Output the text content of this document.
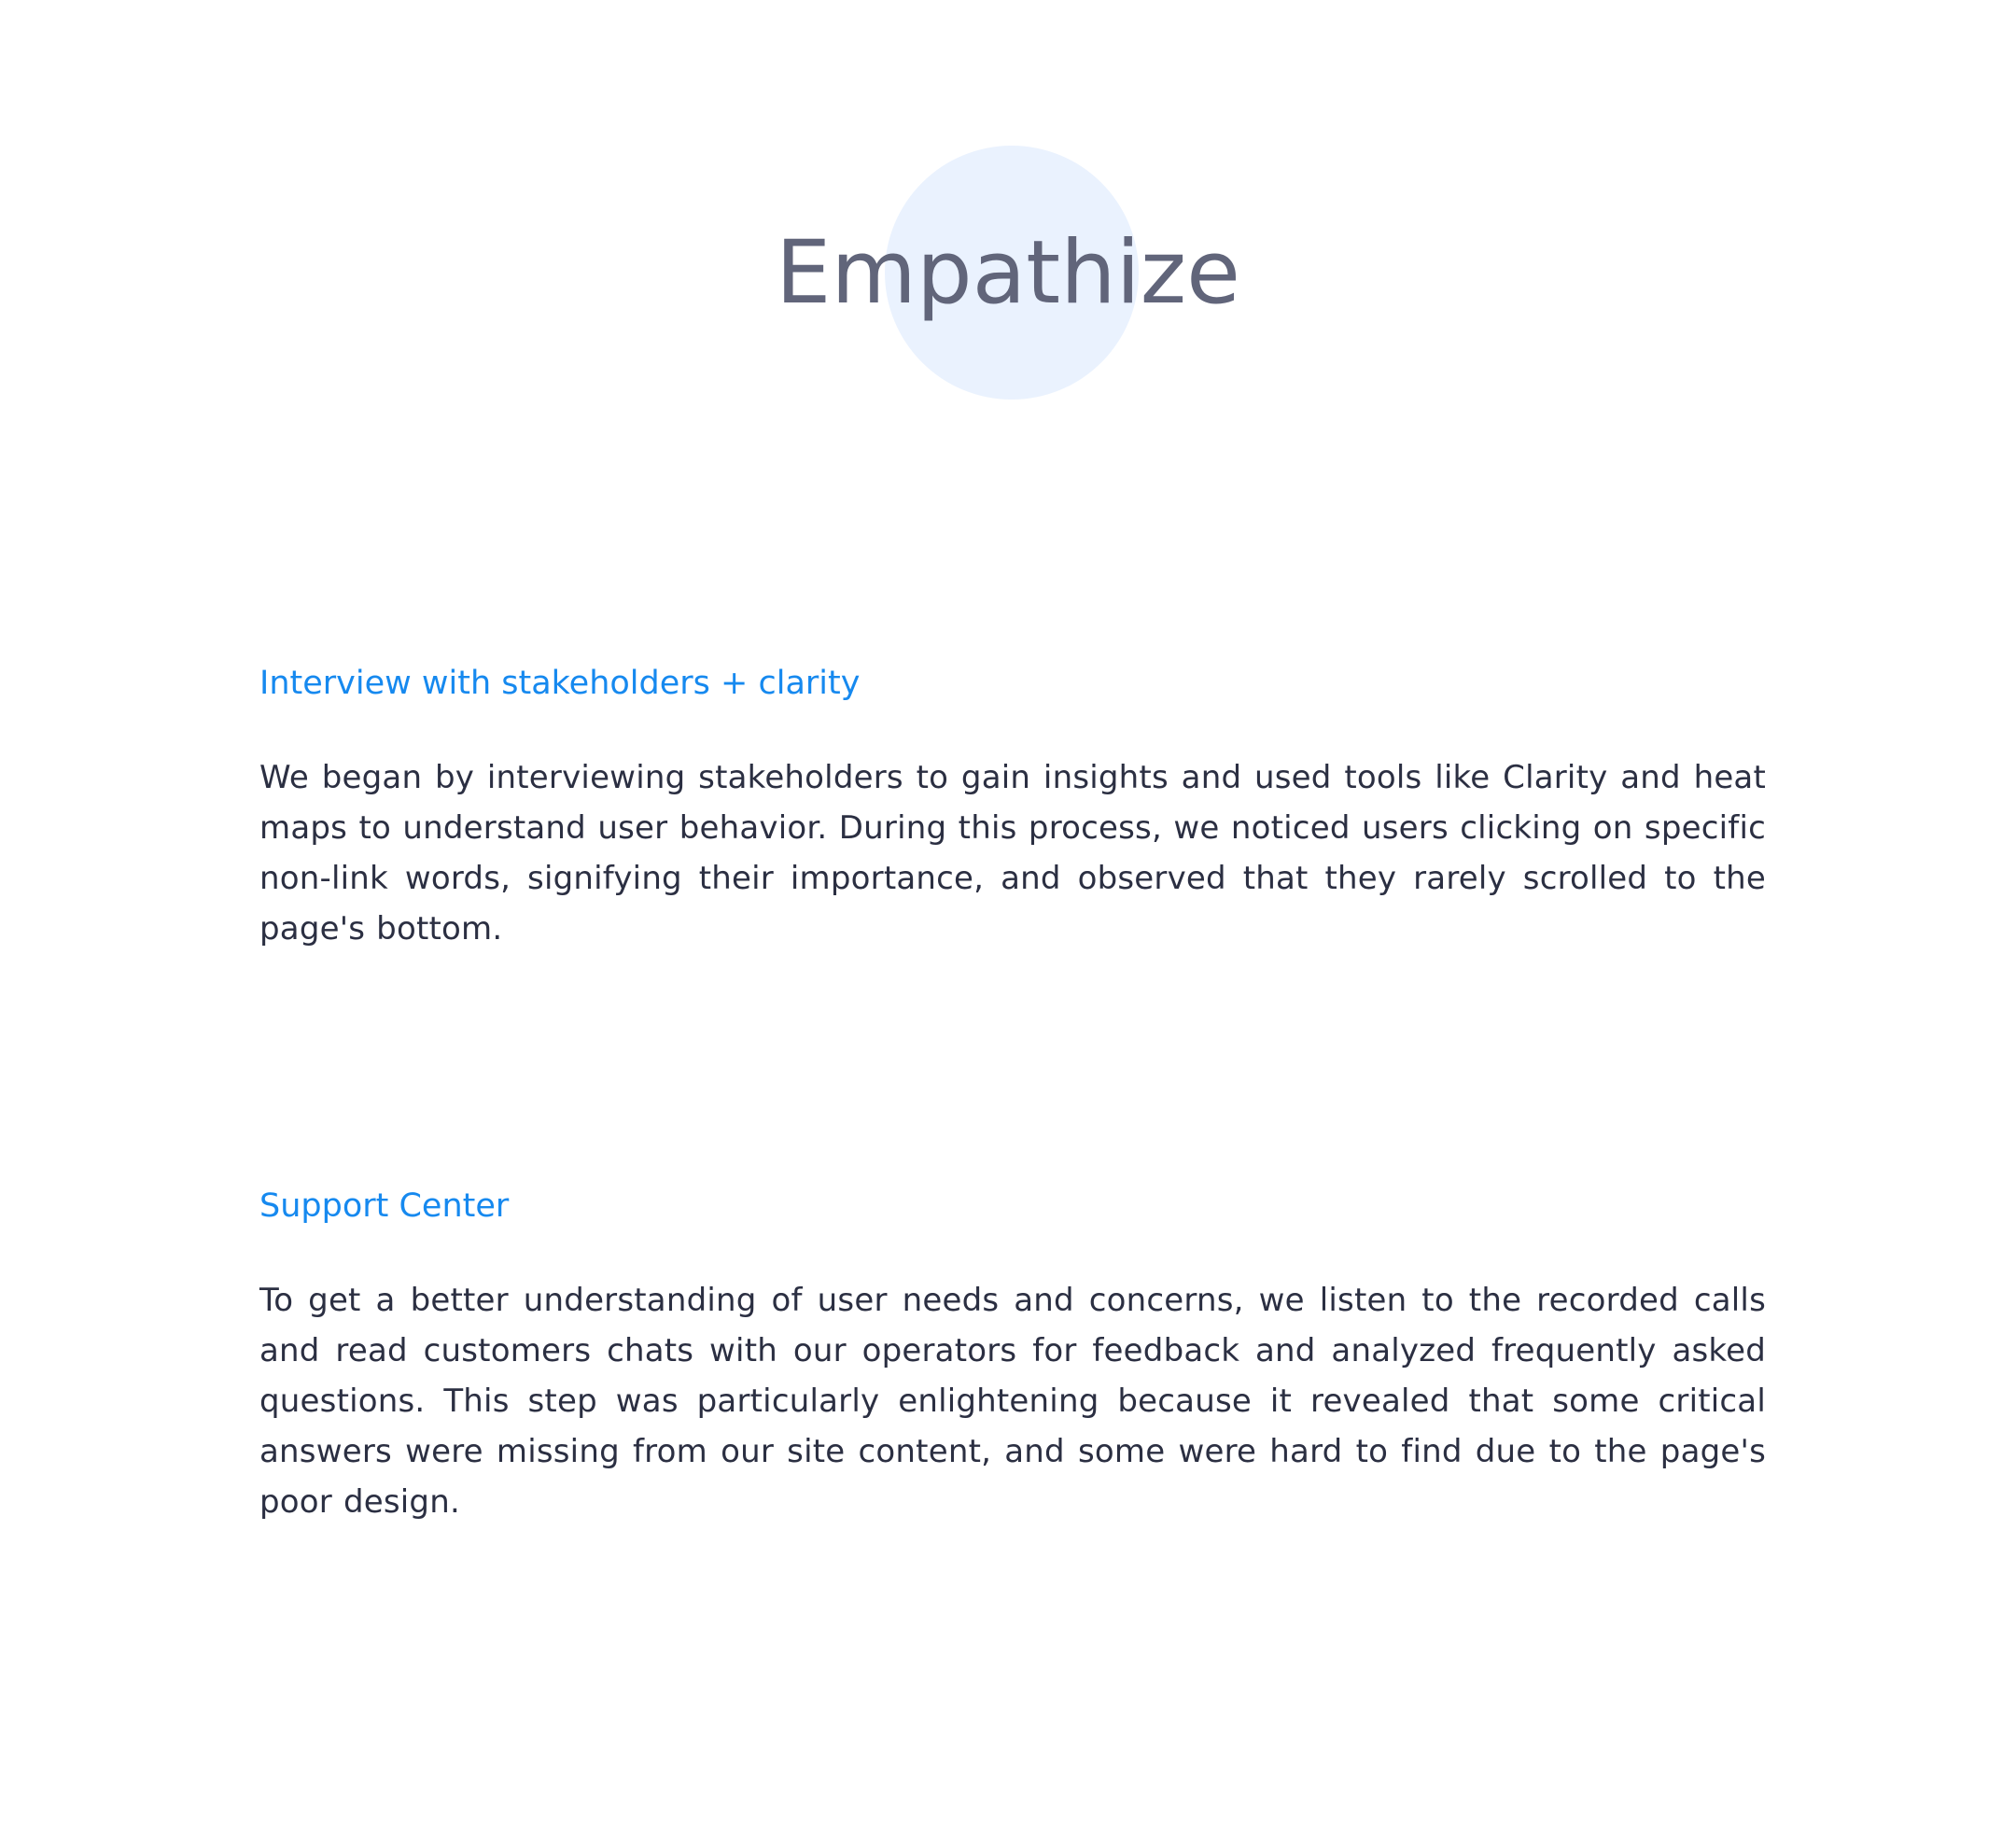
Empathize
Interview with stakeholders + clarity

We began by interviewing stakeholders to gain insights and used tools like Clarity and heat maps to understand user behavior. During this process, we noticed users clicking on specific non-link words, signifying their importance, and observed that they rarely scrolled to the page's bottom.

Support Center

To get a better understanding of user needs and concerns, we listen to the recorded calls and read customers chats with our operators for feedback and analyzed frequently asked questions. This step was particularly enlightening because it revealed that some critical answers were missing from our site content, and some were hard to find due to the page's poor design.
